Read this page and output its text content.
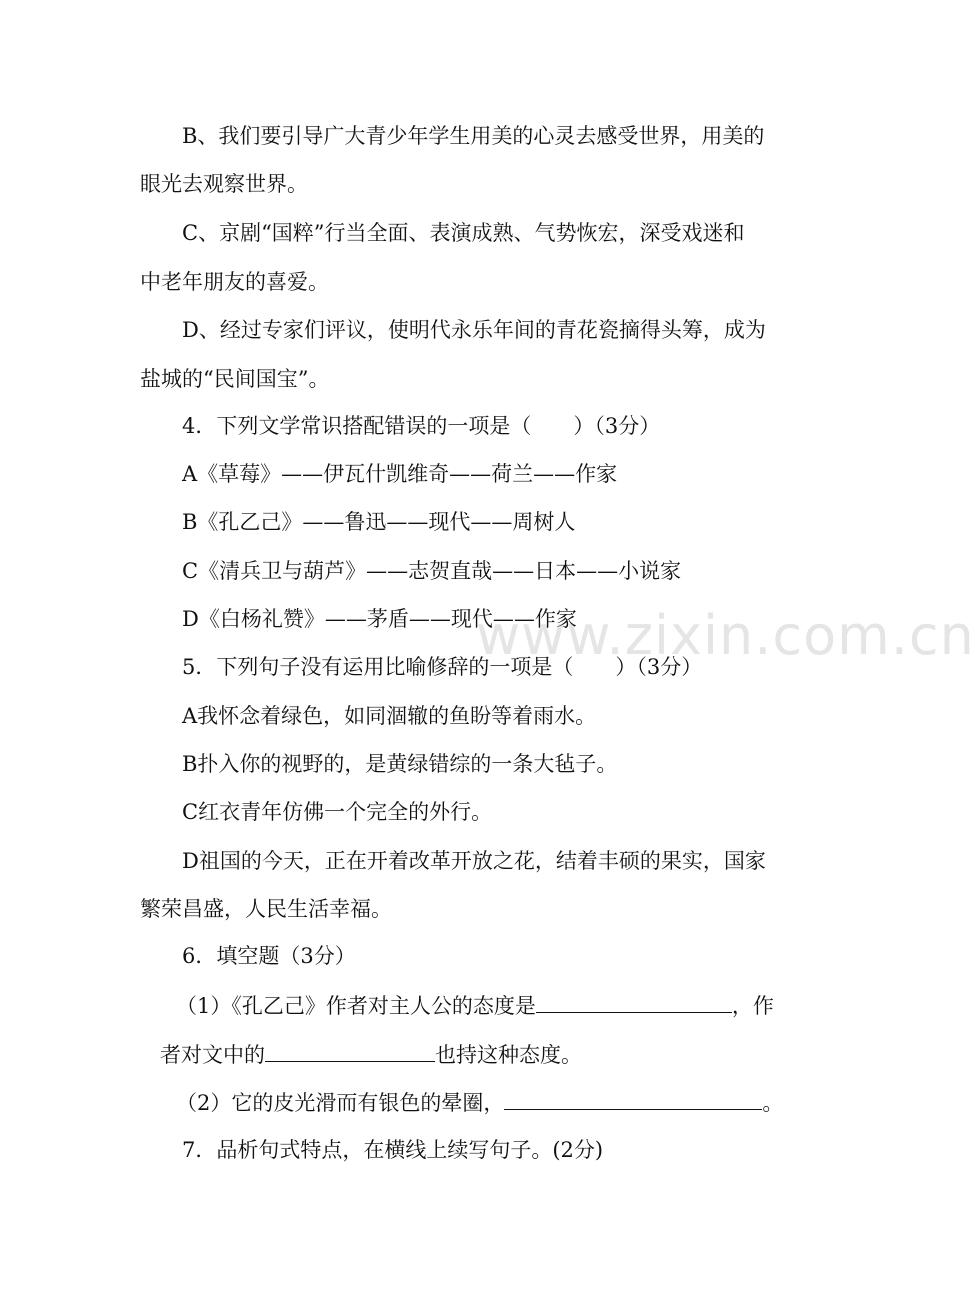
B、我们要引导广大青少年学生用美的心灵去感受世界，用美的
眼光去观察世界。
C、京剧“国粹”行当全面、表演成熟、气势恢宏，深受戏迷和
中老年朋友的喜爱。
D、经过专家们评议，使明代永乐年间的青花瓷摘得头筹，成为
盐城的“民间国宝”。
4．下列文学常识搭配错误的一项是（　　）（3分）
A《草莓》——伊瓦什凯维奇——荷兰——作家
B《孔乙己》——鲁迅——现代——周树人
C《清兵卫与葫芦》——志贺直哉——日本——小说家
D《白杨礼赞》——茅盾——现代——作家
5．下列句子没有运用比喻修辞的一项是（　　）（3分）
A我怀念着绿色，如同涸辙的鱼盼等着雨水。
B扑入你的视野的，是黄绿错综的一条大毡子。
C红衣青年仿佛一个完全的外行。
D祖国的今天，正在开着改革开放之花，结着丰硕的果实，国家
繁荣昌盛，人民生活幸福。
6．填空题（3分）
（1）《孔乙己》作者对主人公的态度是	，作
者对文中的	也持这种态度。
（2）它的皮光滑而有银色的晕圈，	。
7．品析句式特点，在横线上续写句子。(2分)
www.zixin.com.cn
